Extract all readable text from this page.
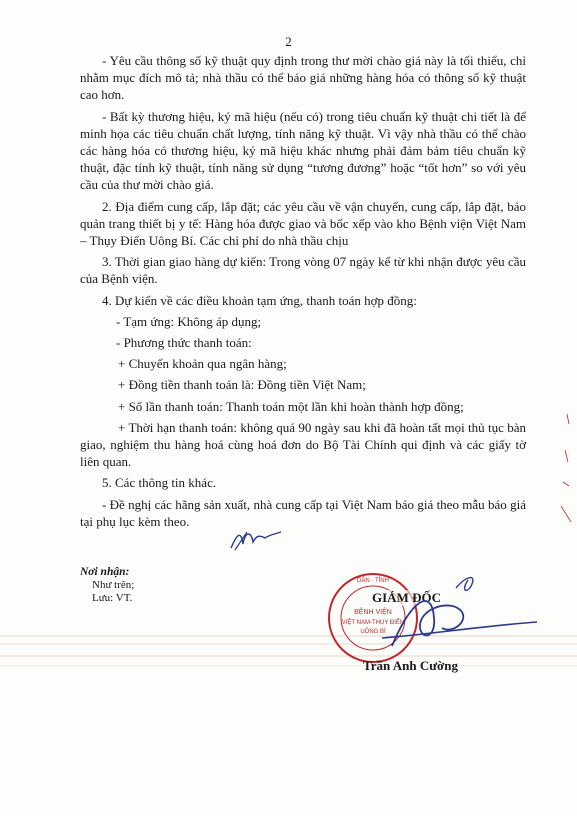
2

- Yêu cầu thông số kỹ thuật quy định trong thư mời chào giá này là tối thiểu, chỉ nhằm mục đích mô tả; nhà thầu có thể báo giá những hàng hóa có thông số kỹ thuật cao hơn.

- Bất kỳ thương hiệu, ký mã hiệu (nếu có) trong tiêu chuẩn kỹ thuật chi tiết là để minh họa các tiêu chuẩn chất lượng, tính năng kỹ thuật. Vì vậy nhà thầu có thể chào các hàng hóa có thương hiệu, ký mã hiệu khác nhưng phải đảm bảm tiêu chuẩn kỹ thuật, đặc tính kỹ thuật, tính năng sử dụng “tương đương” hoặc “tốt hơn” so với yêu cầu của thư mời chào giá.

2. Địa điểm cung cấp, lắp đặt; các yêu cầu về vận chuyển, cung cấp, lắp đặt, bảo quản trang thiết bị y tế: Hàng hóa được giao và bốc xếp vào kho Bệnh viện Việt Nam – Thụy Điển Uông Bí. Các chi phí do nhà thầu chịu

3. Thời gian giao hàng dự kiến: Trong vòng 07 ngày kể từ khi nhận được yêu cầu của Bệnh viện.

4. Dự kiến về các điều khoản tạm ứng, thanh toán hợp đồng:

- Tạm ứng: Không áp dụng;

- Phương thức thanh toán:

+ Chuyển khoản qua ngân hàng;

+ Đồng tiền thanh toán là: Đồng tiền Việt Nam;

+ Số lần thanh toán: Thanh toán một lần khi hoàn thành hợp đồng;

+ Thời hạn thanh toán: không quá 90 ngày sau khi đã hoàn tất mọi thủ tục bàn giao, nghiệm thu hàng hoá cùng hoá đơn do Bộ Tài Chính qui định và các giấy tờ liên quan.

5. Các thông tin khác.

- Đề nghị các hãng sản xuất, nhà cung cấp tại Việt Nam báo giá theo mẫu báo giá tại phụ lục kèm theo.

Nơi nhận:
Như trên;
Lưu: VT.
BỆNH VIỆN
VIỆT NAM-THỤY ĐIỂN
UÔNG BÍ
DÂN · TỈNH
GIÁM ĐỐC
Trần Anh Cường
